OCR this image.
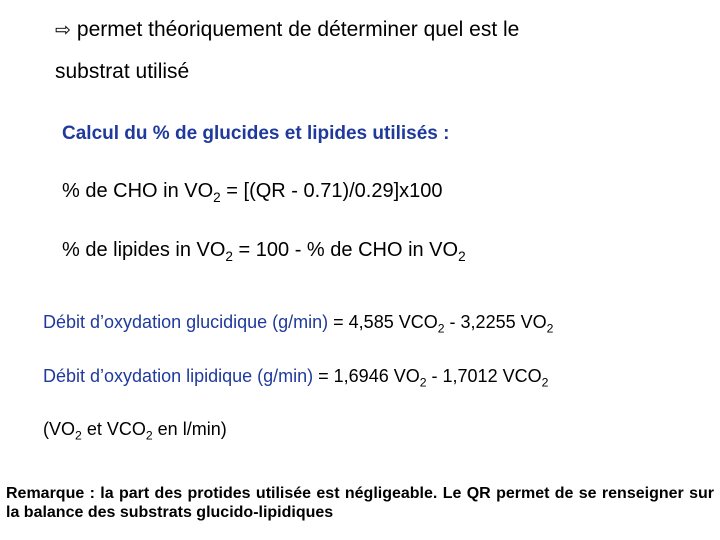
⇨ permet théoriquement de déterminer quel est le
substrat utilisé
Calcul du % de glucides et lipides utilisés :
% de CHO in $VO_2 = [(QR - 0.71)/0.29]x100$
% de lipides in $VO_2 = 100$ - % de CHO in $VO_2$
Débit d’oxydation glucidique (g/min) = 4,585 $VCO_2 - 3,2255$ $VO_2$
Débit d’oxydation lipidique (g/min) = 1,6946 $VO_2 - 1,7012$ $VCO_2$
($VO_2$ et $VCO_2$ en l/min)
Remarque : la part des protides utilisée est négligeable. Le QR permet de se renseigner sur la balance des substrats glucido-lipidiques
